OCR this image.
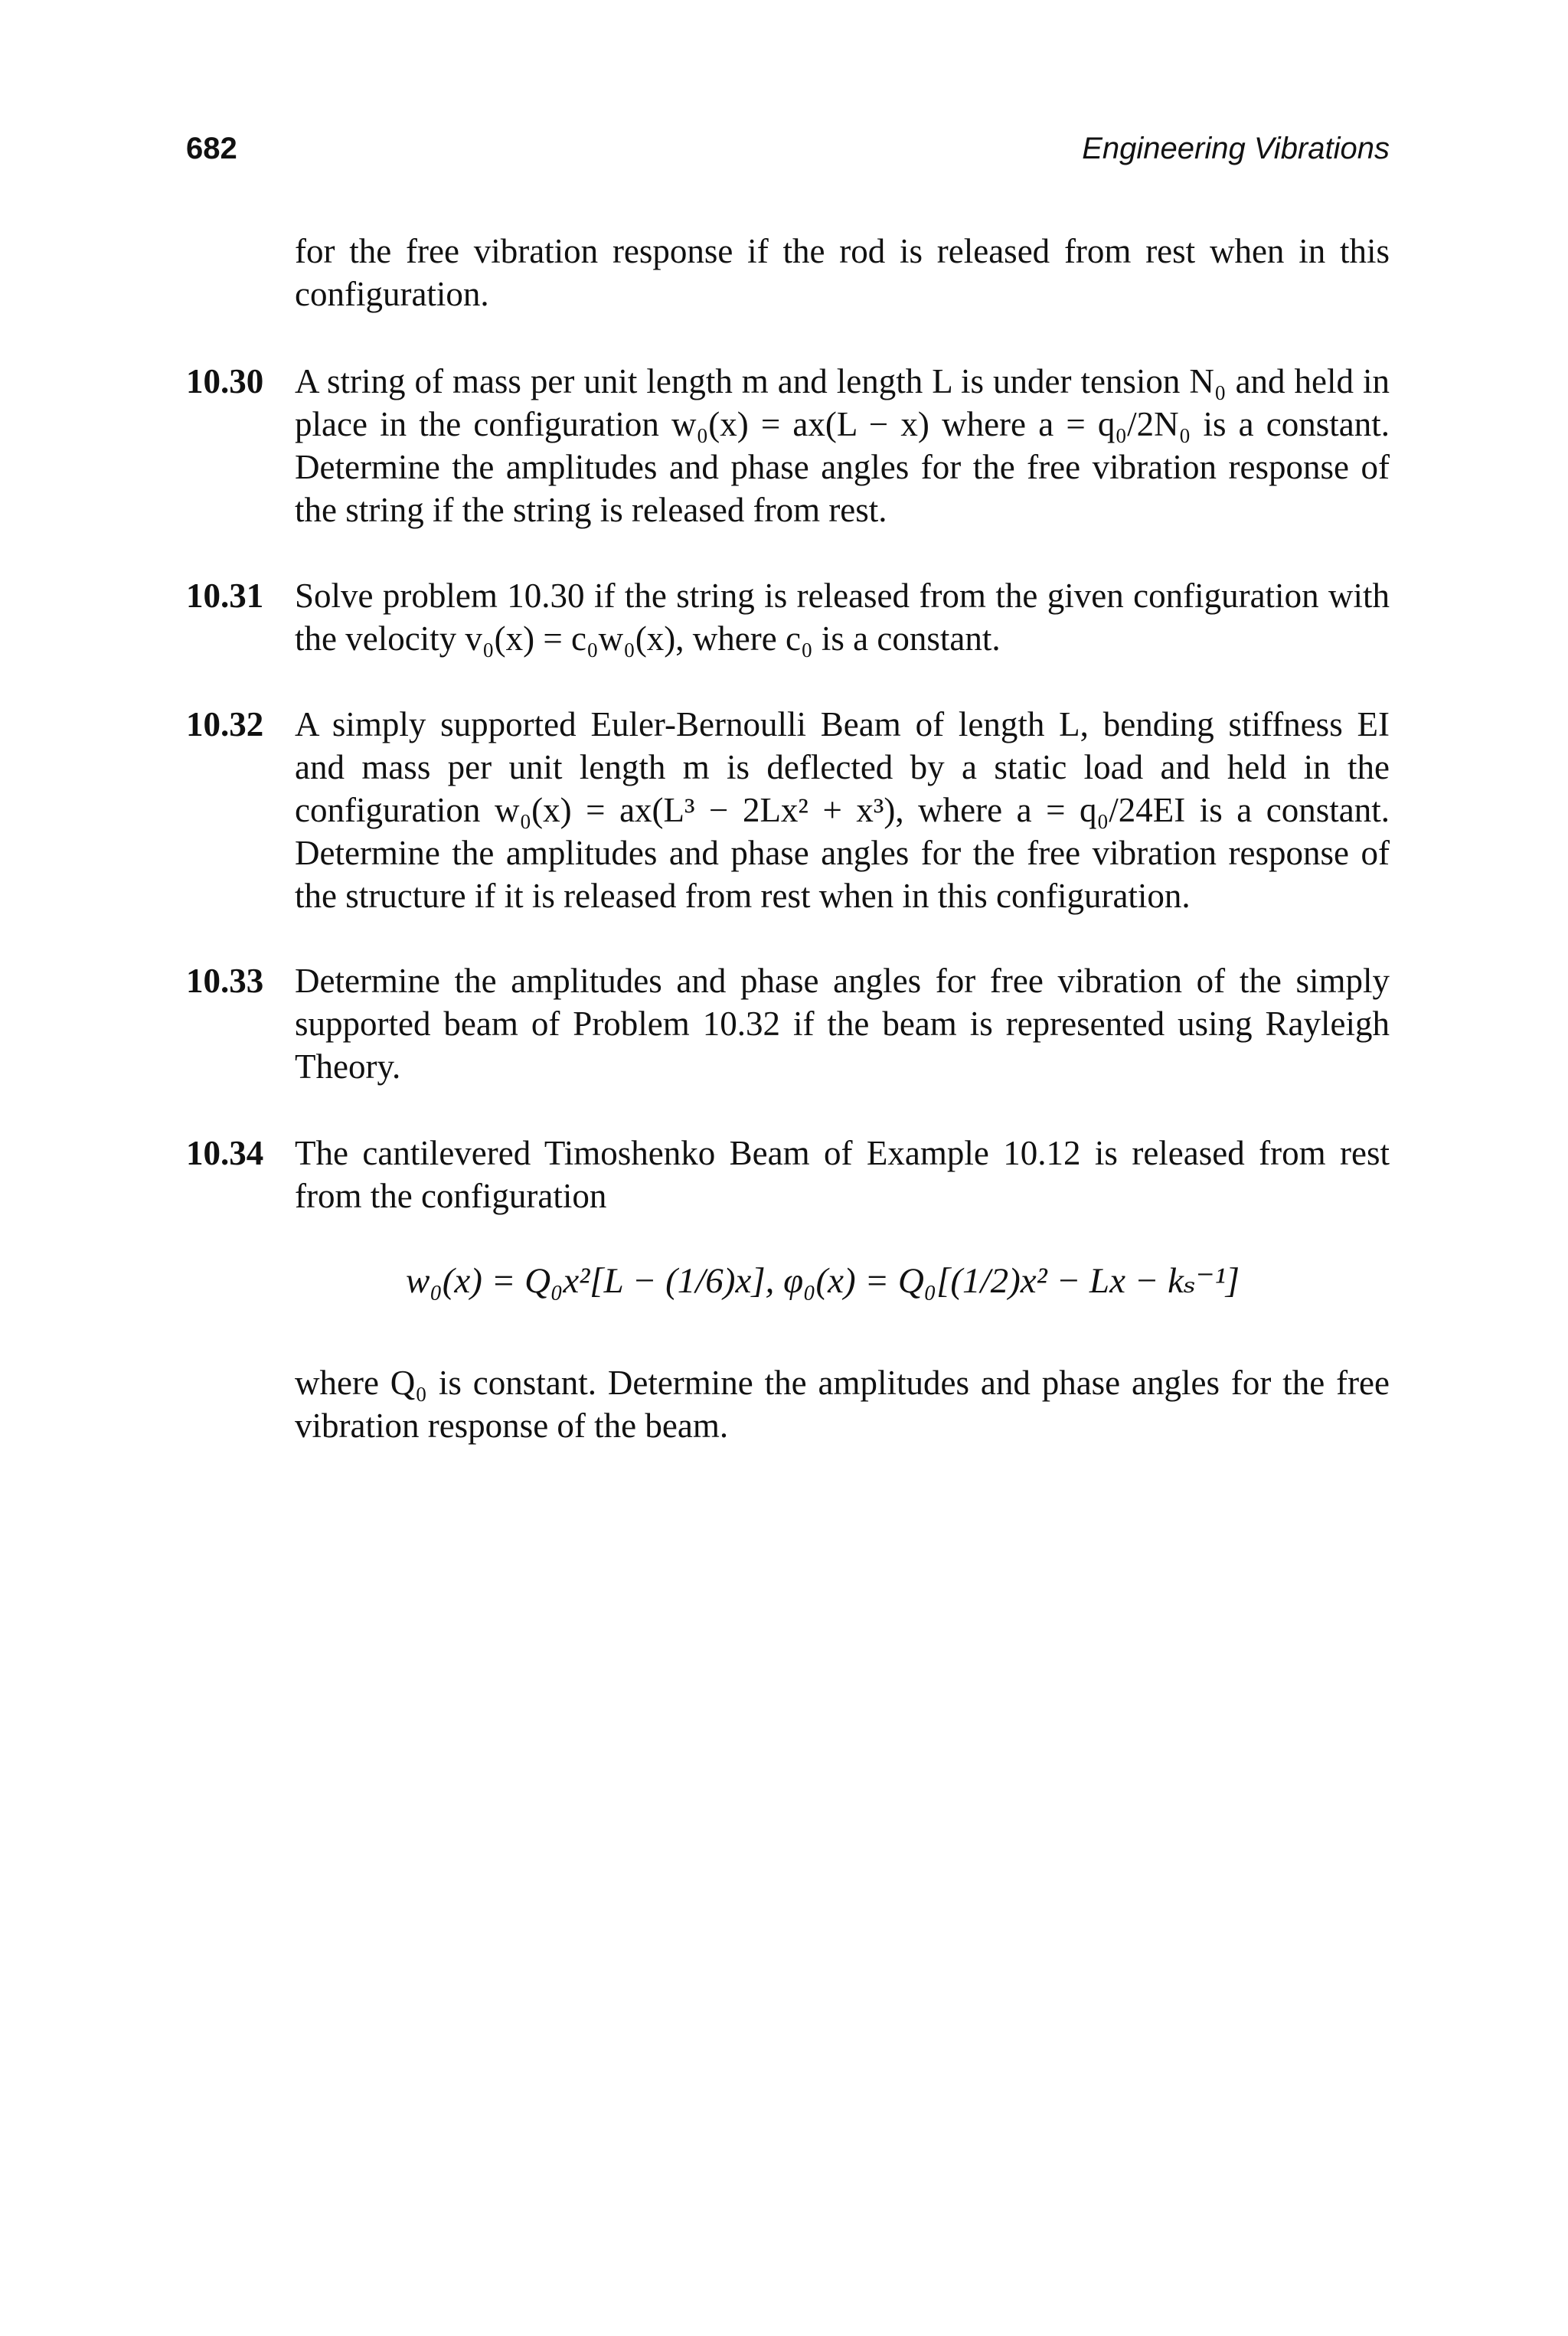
682	Engineering Vibrations
for the free vibration response if the rod is released from rest when in this configuration.
10.30 A string of mass per unit length m and length L is under tension N₀ and held in place in the configuration w₀(x) = ax(L − x) where a = q₀/2N₀ is a constant. Determine the amplitudes and phase angles for the free vibration response of the string if the string is released from rest.
10.31 Solve problem 10.30 if the string is released from the given configuration with the velocity v₀(x) = c₀w₀(x), where c₀ is a constant.
10.32 A simply supported Euler-Bernoulli Beam of length L, bending stiffness EI and mass per unit length m is deflected by a static load and held in the configuration w₀(x) = ax(L³ − 2Lx² + x³), where a = q₀/24EI is a constant. Determine the amplitudes and phase angles for the free vibration response of the structure if it is released from rest when in this configuration.
10.33 Determine the amplitudes and phase angles for free vibration of the simply supported beam of Problem 10.32 if the beam is represented using Rayleigh Theory.
10.34 The cantilevered Timoshenko Beam of Example 10.12 is released from rest from the configuration
w₀(x) = Q₀x²[L − (1/6)x], φ₀(x) = Q₀[(1/2)x² − Lx − kₛ⁻¹]
where Q₀ is constant. Determine the amplitudes and phase angles for the free vibration response of the beam.
